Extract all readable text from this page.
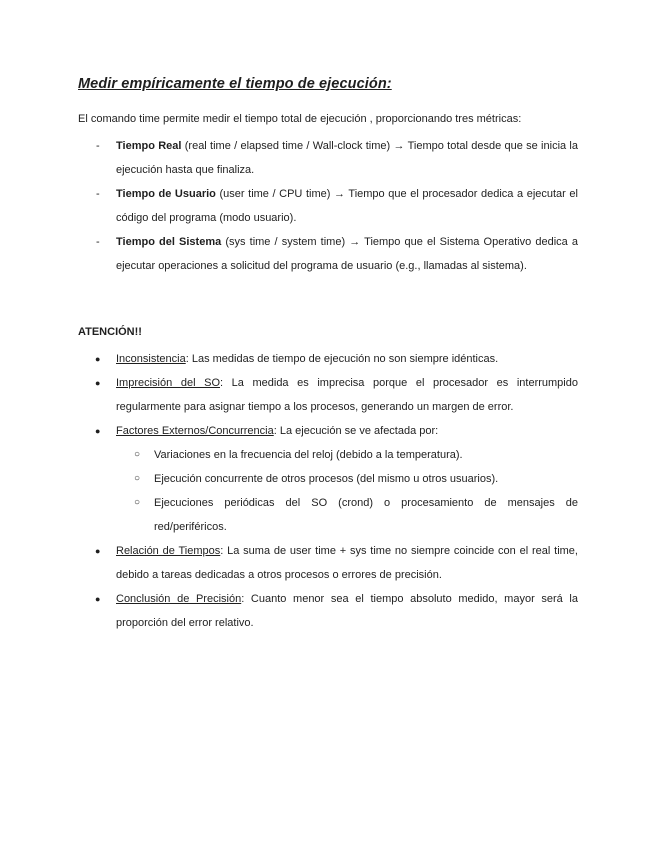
Medir empíricamente el tiempo de ejecución:
El comando time permite medir el tiempo total de ejecución , proporcionando tres métricas:
- Tiempo Real (real time / elapsed time / Wall-clock time) → Tiempo total desde que se inicia la ejecución hasta que finaliza.
- Tiempo de Usuario (user time / CPU time) → Tiempo que el procesador dedica a ejecutar el código del programa (modo usuario).
- Tiempo del Sistema (sys time / system time) → Tiempo que el Sistema Operativo dedica a ejecutar operaciones a solicitud del programa de usuario (e.g., llamadas al sistema).
ATENCIÓN!!
● Inconsistencia: Las medidas de tiempo de ejecución no son siempre idénticas.
● Imprecisión del SO: La medida es imprecisa porque el procesador es interrumpido regularmente para asignar tiempo a los procesos, generando un margen de error.
● Factores Externos/Concurrencia: La ejecución se ve afectada por:
○ Variaciones en la frecuencia del reloj (debido a la temperatura).
○ Ejecución concurrente de otros procesos (del mismo u otros usuarios).
○ Ejecuciones periódicas del SO (crond) o procesamiento de mensajes de red/periféricos.
● Relación de Tiempos: La suma de user time + sys time no siempre coincide con el real time, debido a tareas dedicadas a otros procesos o errores de precisión.
● Conclusión de Precisión: Cuanto menor sea el tiempo absoluto medido, mayor será la proporción del error relativo.
